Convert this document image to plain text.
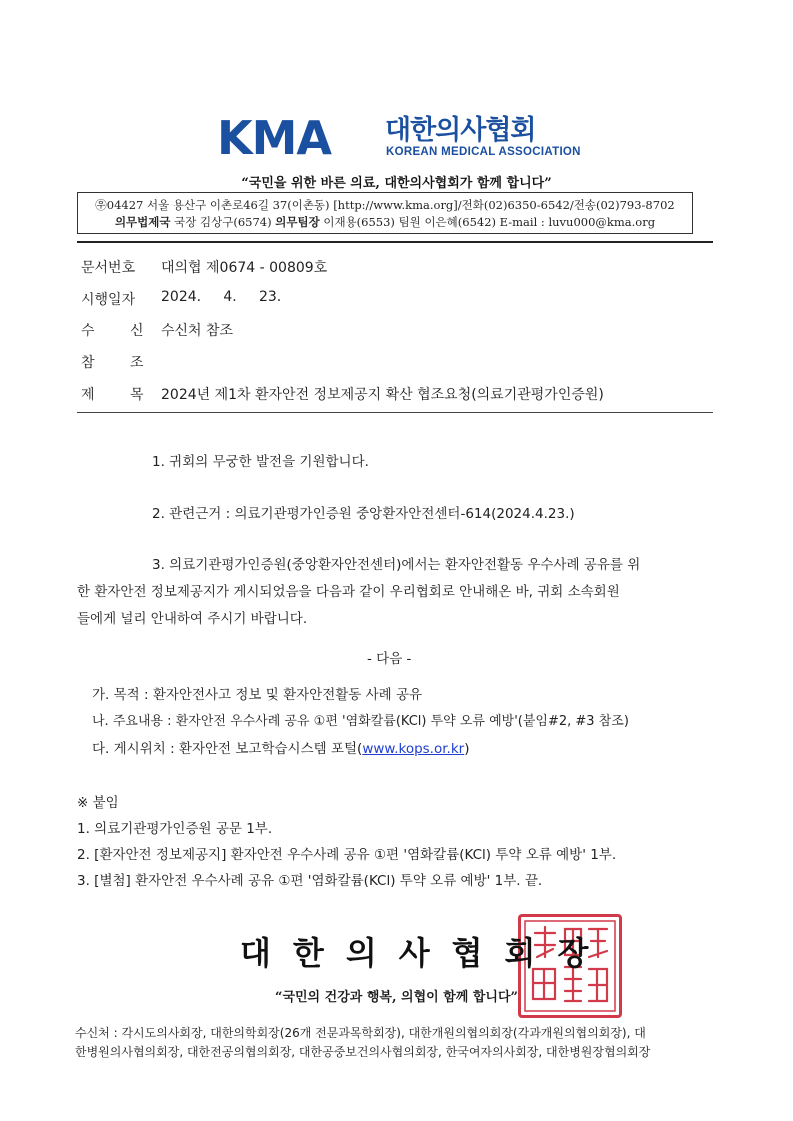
KMA 대한의사협회
KOREAN MEDICAL ASSOCIATION
“국민을 위한 바른 의료, 대한의사협회가 함께 합니다”
㉾04427 서울 용산구 이촌로46길 37(이촌동) [http://www.kma.org]/전화(02)6350-6542/전송(02)793-8702
의무법제국 국장 김상구(6574) 의무팀장 이재용(6553) 팀원 이은혜(6542) E-mail : luvu000@kma.org
문서번호 대의협 제0674 - 00809호
시행일자 2024.     4.     23.
수	신 수신처 참조
참	조
제	목 2024년 제1차 환자안전 정보제공지 확산 협조요청(의료기관평가인증원)
1. 귀회의 무궁한 발전을 기원합니다.
2. 관련근거 : 의료기관평가인증원 중앙환자안전센터-614(2024.4.23.)
3. 의료기관평가인증원(중앙환자안전센터)에서는 환자안전활동 우수사례 공유를 위
한 환자안전 정보제공지가 게시되었음을 다음과 같이 우리협회로 안내해온 바, 귀회 소속회원
들에게 널리 안내하여 주시기 바랍니다.
- 다음 -
가. 목적 : 환자안전사고 정보 및 환자안전활동 사례 공유
나. 주요내용 : 환자안전 우수사례 공유 ①편 '염화칼륨(KCl) 투약 오류 예방'(붙임#2, #3 참조)
다. 게시위치 : 환자안전 보고학습시스템 포털(www.kops.or.kr)
※ 붙임
1. 의료기관평가인증원 공문 1부.
2. [환자안전 정보제공지] 환자안전 우수사례 공유 ①편 '염화칼륨(KCl) 투약 오류 예방' 1부.
3. [별첨] 환자안전 우수사례 공유 ①편 '염화칼륨(KCl) 투약 오류 예방' 1부. 끝.
대한의사협회장
“국민의 건강과 행복, 의협이 함께 합니다”
수신처 : 각시도의사회장, 대한의학회장(26개 전문과목학회장), 대한개원의협의회장(각과개원의협의회장), 대
한병원의사협의회장, 대한전공의협의회장, 대한공중보건의사협의회장, 한국여자의사회장, 대한병원장협의회장
